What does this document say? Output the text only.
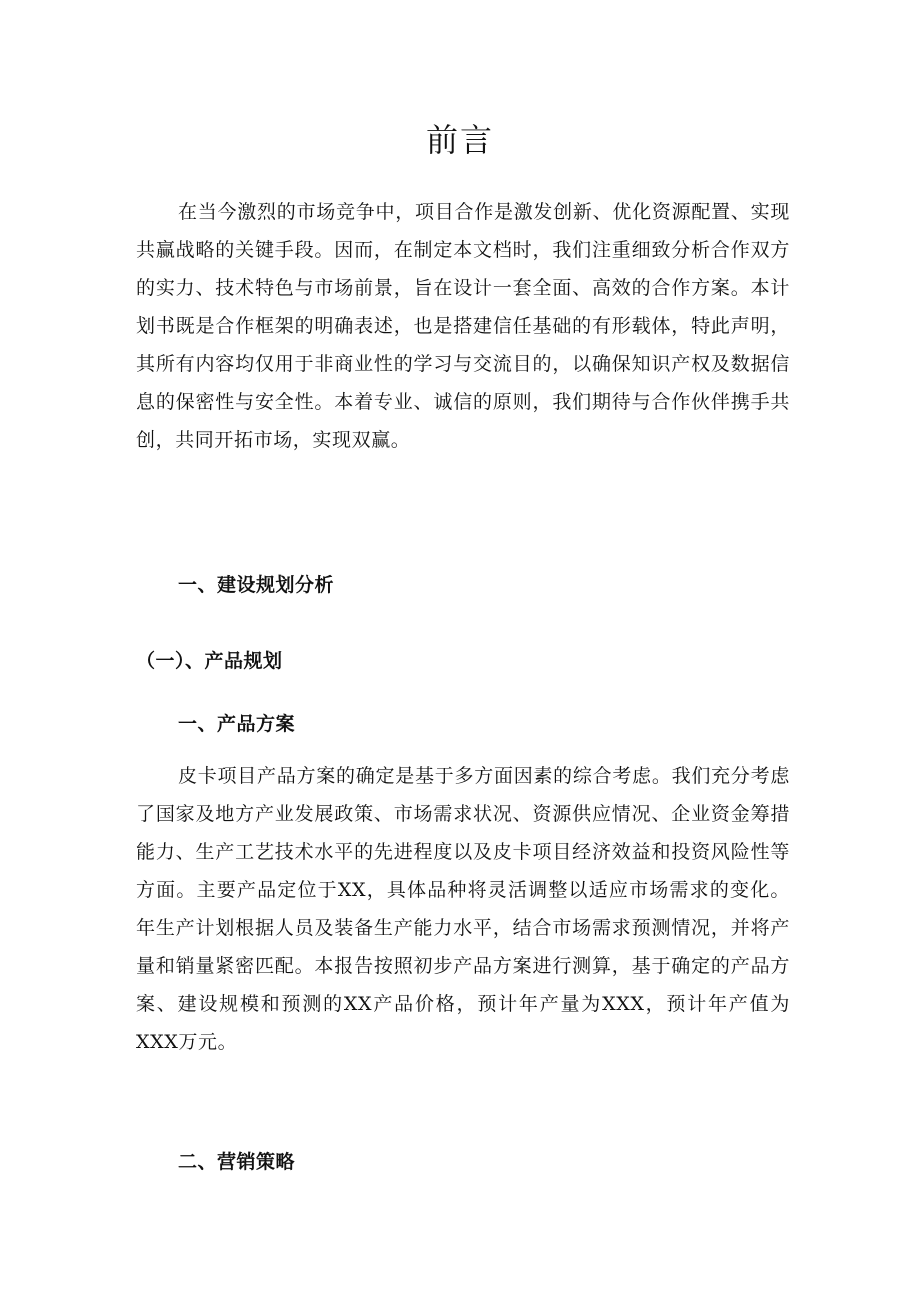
前言

在当今激烈的市场竞争中，项目合作是激发创新、优化资源配置、实现共赢战略的关键手段。因而，在制定本文档时，我们注重细致分析合作双方的实力、技术特色与市场前景，旨在设计一套全面、高效的合作方案。本计划书既是合作框架的明确表述，也是搭建信任基础的有形载体，特此声明，其所有内容均仅用于非商业性的学习与交流目的，以确保知识产权及数据信息的保密性与安全性。本着专业、诚信的原则，我们期待与合作伙伴携手共创，共同开拓市场，实现双赢。

一、建设规划分析
（一）、产品规划
一、产品方案

皮卡项目产品方案的确定是基于多方面因素的综合考虑。我们充分考虑了国家及地方产业发展政策、市场需求状况、资源供应情况、企业资金筹措能力、生产工艺技术水平的先进程度以及皮卡项目经济效益和投资风险性等方面。主要产品定位于XX，具体品种将灵活调整以适应市场需求的变化。年生产计划根据人员及装备生产能力水平，结合市场需求预测情况，并将产量和销量紧密匹配。本报告按照初步产品方案进行测算，基于确定的产品方案、建设规模和预测的XX产品价格，预计年产量为XXX，预计年产值为XXX万元。

二、营销策略
